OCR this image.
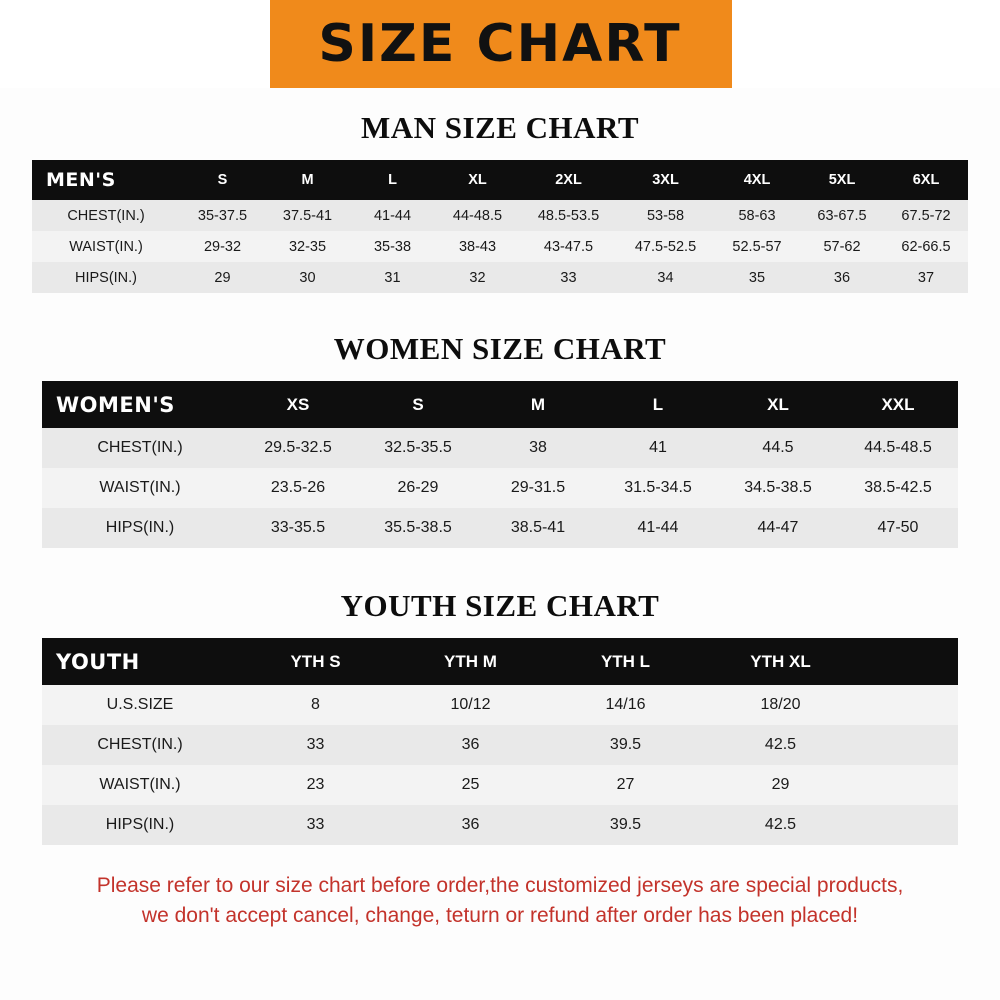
SIZE CHART
MAN SIZE CHART
MEN'S	S	M	L	XL	2XL	3XL	4XL	5XL	6XL
CHEST(IN.)	35-37.5	37.5-41	41-44	44-48.5	48.5-53.5	53-58	58-63	63-67.5	67.5-72
WAIST(IN.)	29-32	32-35	35-38	38-43	43-47.5	47.5-52.5	52.5-57	57-62	62-66.5
HIPS(IN.)	29	30	31	32	33	34	35	36	37
WOMEN SIZE CHART
WOMEN'S	XS	S	M	L	XL	XXL
CHEST(IN.)	29.5-32.5	32.5-35.5	38	41	44.5	44.5-48.5
WAIST(IN.)	23.5-26	26-29	29-31.5	31.5-34.5	34.5-38.5	38.5-42.5
HIPS(IN.)	33-35.5	35.5-38.5	38.5-41	41-44	44-47	47-50
YOUTH SIZE CHART
YOUTH	YTH S	YTH M	YTH L	YTH XL	
U.S.SIZE	8	10/12	14/16	18/20	
CHEST(IN.)	33	36	39.5	42.5	
WAIST(IN.)	23	25	27	29	
HIPS(IN.)	33	36	39.5	42.5	
Please refer to our size chart before order,the customized jerseys are special products,
we don't accept cancel, change, teturn or refund after order has been placed!
